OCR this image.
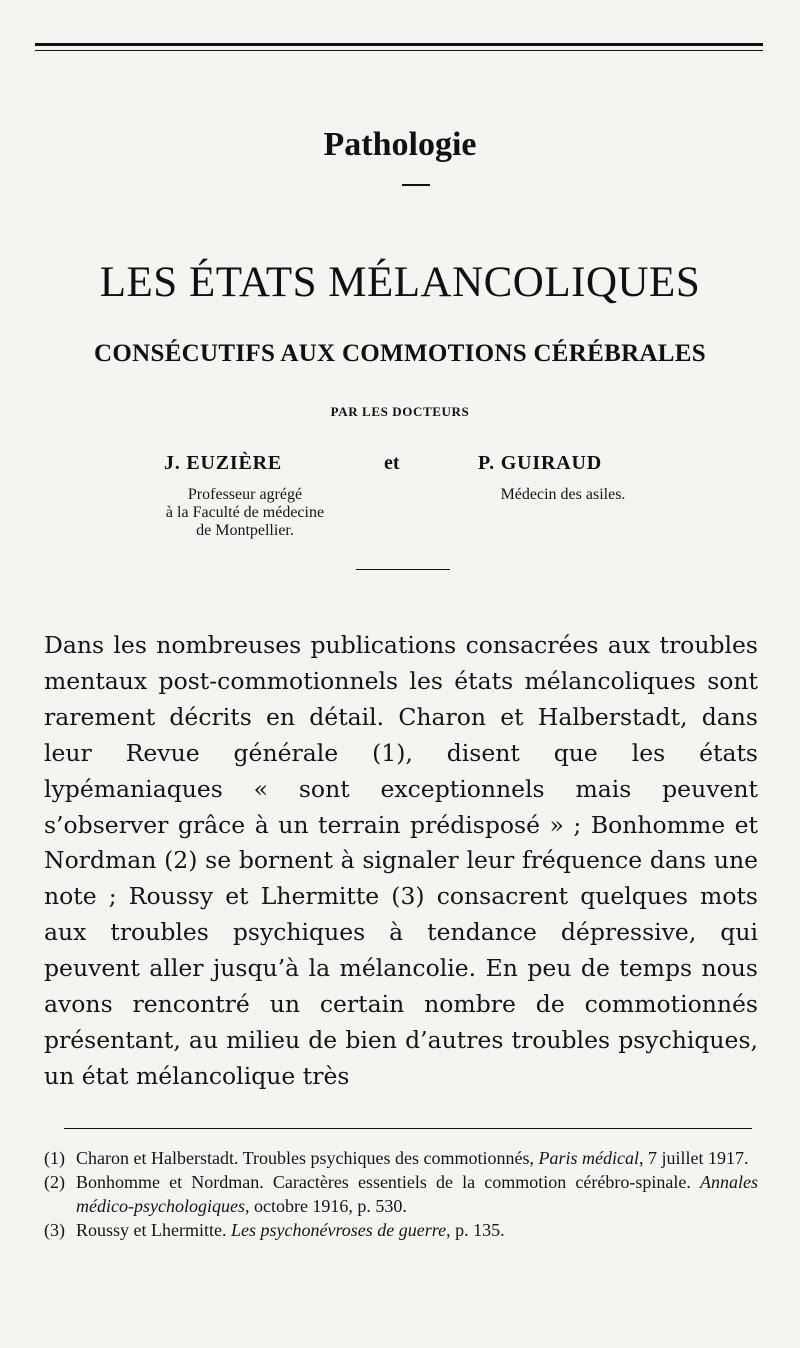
Pathologie
LES ÉTATS MÉLANCOLIQUES
CONSÉCUTIFS AUX COMMOTIONS CÉRÉBRALES
PAR LES DOCTEURS
J. EUZIÈRE	et	P. GUIRAUD
Professeur agrégé
à la Faculté de médecine
de Montpellier.
Médecin des asiles.
Dans les nombreuses publications consacrées aux troubles mentaux post-commotionnels les états mélancoliques sont rarement décrits en détail. Charon et Halberstadt, dans leur Revue générale (1), disent que les états lypémaniaques « sont exceptionnels mais peuvent s’observer grâce à un terrain prédisposé » ; Bonhomme et Nordman (2) se bornent à signaler leur fréquence dans une note ; Roussy et Lhermitte (3) consacrent quelques mots aux troubles psychiques à tendance dépressive, qui peuvent aller jusqu’à la mélancolie. En peu de temps nous avons rencontré un certain nombre de commotionnés présentant, au milieu de bien d’autres troubles psychiques, un état mélancolique très
(1) Charon et Halberstadt. Troubles psychiques des commotionnés, Paris médical, 7 juillet 1917.
(2) Bonhomme et Nordman. Caractères essentiels de la commotion cérébro-spinale. Annales médico-psychologiques, octobre 1916, p. 530.
(3) Roussy et Lhermitte. Les psychonévroses de guerre, p. 135.
